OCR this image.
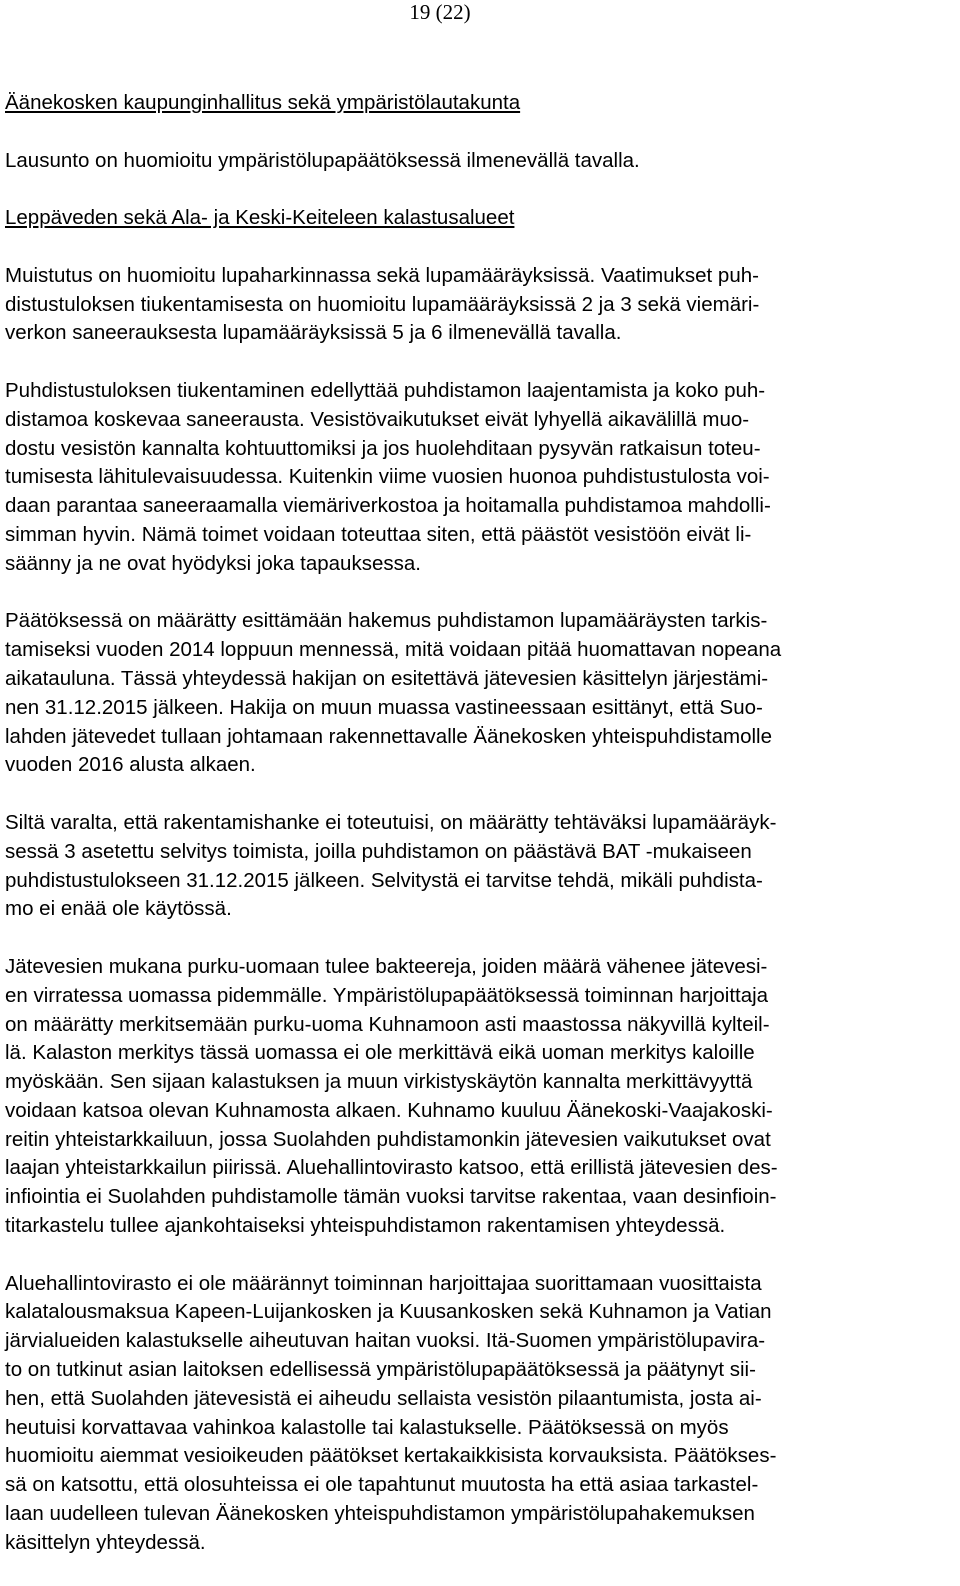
19 (22)
Äänekosken kaupunginhallitus sekä ympäristölautakunta
Lausunto on huomioitu ympäristölupapäätöksessä ilmenevällä tavalla.
Leppäveden sekä Ala- ja Keski-Keiteleen kalastusalueet
Muistutus on huomioitu lupaharkinnassa sekä lupamääräyksissä. Vaatimukset puh-
distustuloksen tiukentamisesta on huomioitu lupamääräyksissä 2 ja 3 sekä viemäri-
verkon saneerauksesta lupamääräyksissä 5 ja 6 ilmenevällä tavalla.
Puhdistustuloksen tiukentaminen edellyttää puhdistamon laajentamista ja koko puh-
distamoa koskevaa saneerausta. Vesistövaikutukset eivät lyhyellä aikavälillä muo-
dostu vesistön kannalta kohtuuttomiksi ja jos huolehditaan pysyvän ratkaisun toteu-
tumisesta lähitulevaisuudessa. Kuitenkin viime vuosien huonoa puhdistustulosta voi-
daan parantaa saneeraamalla viemäriverkostoa ja hoitamalla puhdistamoa mahdolli-
simman hyvin. Nämä toimet voidaan toteuttaa siten, että päästöt vesistöön eivät li-
säänny ja ne ovat hyödyksi joka tapauksessa.
Päätöksessä on määrätty esittämään hakemus puhdistamon lupamääräysten tarkis-
tamiseksi vuoden 2014 loppuun mennessä, mitä voidaan pitää huomattavan nopeana
aikatauluna. Tässä yhteydessä hakijan on esitettävä jätevesien käsittelyn järjestämi-
nen 31.12.2015 jälkeen. Hakija on muun muassa vastineessaan esittänyt, että Suo-
lahden jätevedet tullaan johtamaan rakennettavalle Äänekosken yhteispuhdistamolle
vuoden 2016 alusta alkaen.
Siltä varalta, että rakentamishanke ei toteutuisi, on määrätty tehtäväksi lupamääräyk-
sessä 3 asetettu selvitys toimista, joilla puhdistamon on päästävä BAT -mukaiseen
puhdistustulokseen 31.12.2015 jälkeen. Selvitystä ei tarvitse tehdä, mikäli puhdista-
mo ei enää ole käytössä.
Jätevesien mukana purku-uomaan tulee bakteereja, joiden määrä vähenee jätevesi-
en virratessa uomassa pidemmälle. Ympäristölupapäätöksessä toiminnan harjoittaja
on määrätty merkitsemään purku-uoma Kuhnamoon asti maastossa näkyvillä kylteil-
lä. Kalaston merkitys tässä uomassa ei ole merkittävä eikä uoman merkitys kaloille
myöskään. Sen sijaan kalastuksen ja muun virkistyskäytön kannalta merkittävyyttä
voidaan katsoa olevan Kuhnamosta alkaen. Kuhnamo kuuluu Äänekoski-Vaajakoski-
reitin yhteistarkkailuun, jossa Suolahden puhdistamonkin jätevesien vaikutukset ovat
laajan yhteistarkkailun piirissä. Aluehallintovirasto katsoo, että erillistä jätevesien des-
infiointia ei Suolahden puhdistamolle tämän vuoksi tarvitse rakentaa, vaan desinfioin-
titarkastelu tullee ajankohtaiseksi yhteispuhdistamon rakentamisen yhteydessä.
Aluehallintovirasto ei ole määrännyt toiminnan harjoittajaa suorittamaan vuosittaista
kalatalousmaksua Kapeen-Luijankosken ja Kuusankosken sekä Kuhnamon ja Vatian
järvialueiden kalastukselle aiheutuvan haitan vuoksi. Itä-Suomen ympäristölupavira-
to on tutkinut asian laitoksen edellisessä ympäristölupapäätöksessä ja päätynyt sii-
hen, että Suolahden jätevesistä ei aiheudu sellaista vesistön pilaantumista, josta ai-
heutuisi korvattavaa vahinkoa kalastolle tai kalastukselle. Päätöksessä on myös
huomioitu aiemmat vesioikeuden päätökset kertakaikkisista korvauksista. Päätökses-
sä on katsottu, että olosuhteissa ei ole tapahtunut muutosta ha että asiaa tarkastel-
laan uudelleen tulevan Äänekosken yhteispuhdistamon ympäristölupahakemuksen
käsittelyn yhteydessä.
